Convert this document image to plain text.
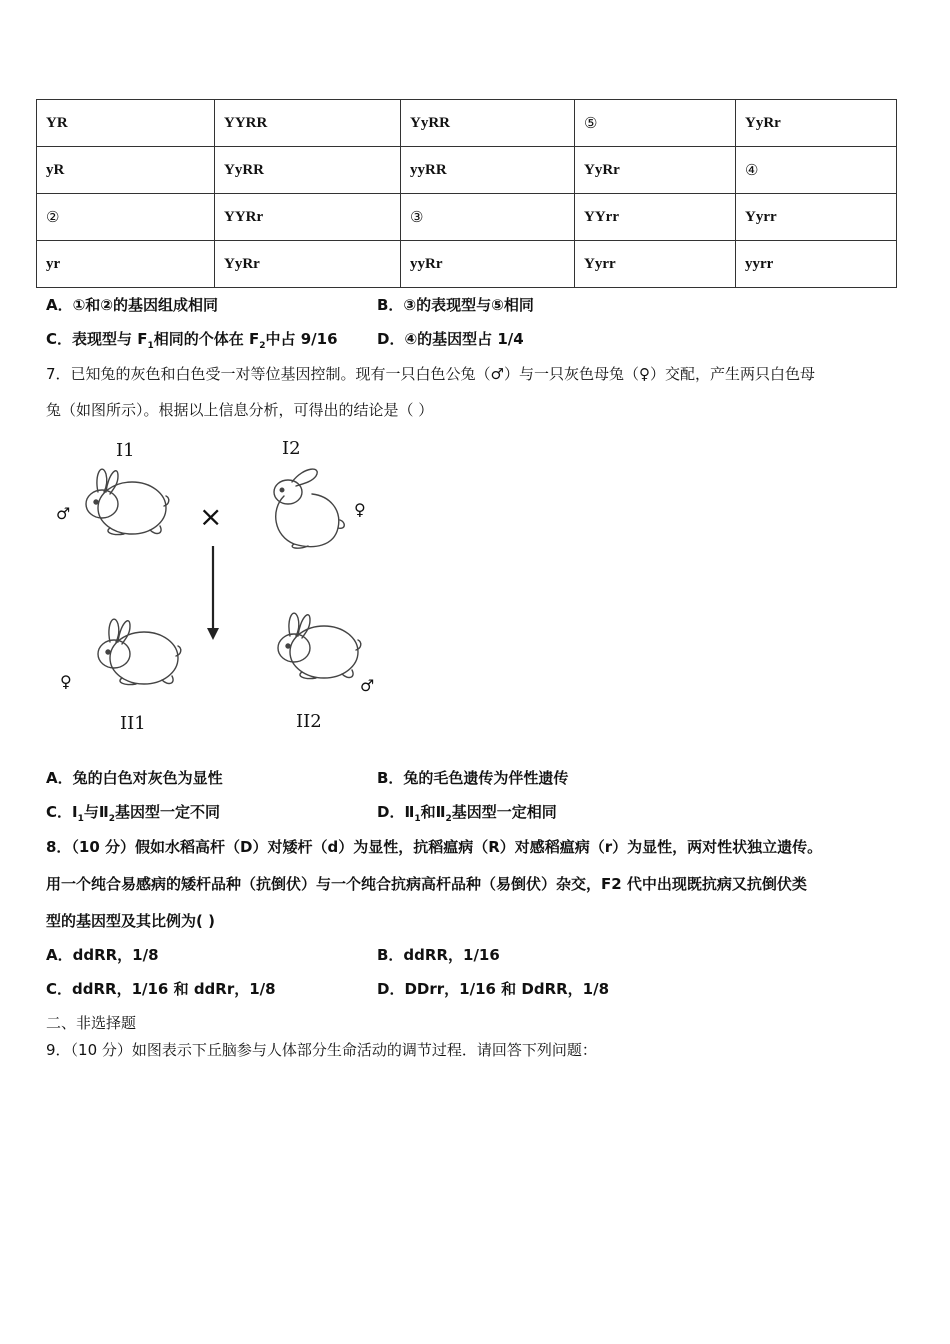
YR	YYRR	YyRR	⑤	YyRr
yR	YyRR	yyRR	YyRr	④
②	YYRr	③	YYrr	Yyrr
yr	YyRr	yyRr	Yyrr	yyrr
A．①和②的基因组成相同	B．③的表现型与⑤相同
C．表现型与 $F_1$相同的个体在 $F_2$中占 9/16	D．④的基因型占 1/4
7．已知兔的灰色和白色受一对等位基因控制。现有一只白色公兔（♂）与一只灰色母兔（♀）交配，产生两只白色母
兔（如图所示）。根据以上信息分析，可得出的结论是（ ）
I1	I2
II1	II2
×
♂	♀
♀	♂
A．兔的白色对灰色为显性	B．兔的毛色遗传为伴性遗传
C．$Ⅰ_1$与$Ⅱ_2$基因型一定不同	D．$Ⅱ_1$和$Ⅱ_2$基因型一定相同
8．（10 分）假如水稻高杆（D）对矮杆（d）为显性，抗稻瘟病（R）对感稻瘟病（r）为显性，两对性状独立遗传。
用一个纯合易感病的矮杆品种（抗倒伏）与一个纯合抗病高杆品种（易倒伏）杂交，F2 代中出现既抗病又抗倒伏类
型的基因型及其比例为( )
A．ddRR，1/8	B．ddRR，1/16
C．ddRR，1/16 和 ddRr，1/8	D．DDrr，1/16 和 DdRR，1/8
二、非选择题
9．（10 分）如图表示下丘脑参与人体部分生命活动的调节过程．请回答下列问题：
